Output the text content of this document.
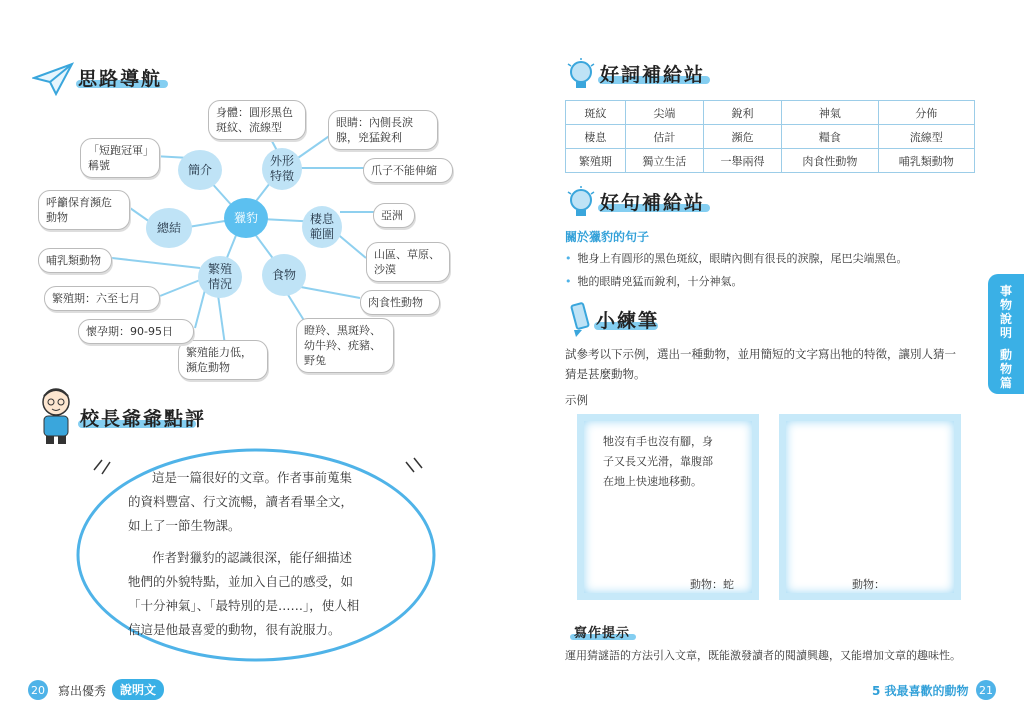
思路導航
獵豹
簡介
外形特徵
棲息範圍
食物
繁殖情況
總結
身體：圓形黑色斑紋、流線型	眼睛：內側長淚腺，兇猛銳利
爪子不能伸縮
亞洲
山區、草原、沙漠
肉食性動物
瞪羚、黑斑羚、幼牛羚、疣豬、野兔
繁殖能力低，瀕危動物
懷孕期：90-95日
繁殖期：六至七月
哺乳類動物
呼籲保育瀕危動物
「短跑冠軍」稱號
校長爺爺點評
這是一篇很好的文章。作者事前蒐集
的資料豐富、行文流暢，讀者看畢全文，
如上了一節生物課。
作者對獵豹的認識很深，能仔細描述
牠們的外貌特點，並加入自己的感受，如
「十分神氣」、「最特別的是……」，使人相
信這是他最喜愛的動物，很有說服力。
20 寫出優秀	說明文
好詞補給站
斑紋	尖端	銳利	神氣	分佈
棲息	估計	瀕危	糧食	流線型
繁殖期	獨立生活	一舉兩得	肉食性動物	哺乳類動物
好句補給站
關於獵豹的句子
• 牠身上有圓形的黑色斑紋，眼睛內側有很長的淚腺，尾巴尖端黑色。
• 牠的眼睛兇猛而銳利，十分神氣。
小練筆
試參考以下示例，選出一種動物，並用簡短的文字寫出牠的特徵，讓別人猜一
猜是甚麼動物。
示例
牠沒有手也沒有腳，身
子又長又光滑，靠腹部
在地上快速地移動。
動物：蛇	動物：
寫作提示
運用猜謎語的方法引入文章，既能激發讀者的閱讀興趣，又能增加文章的趣味性。
事物說明
動物篇
5 我最喜歡的動物 21
